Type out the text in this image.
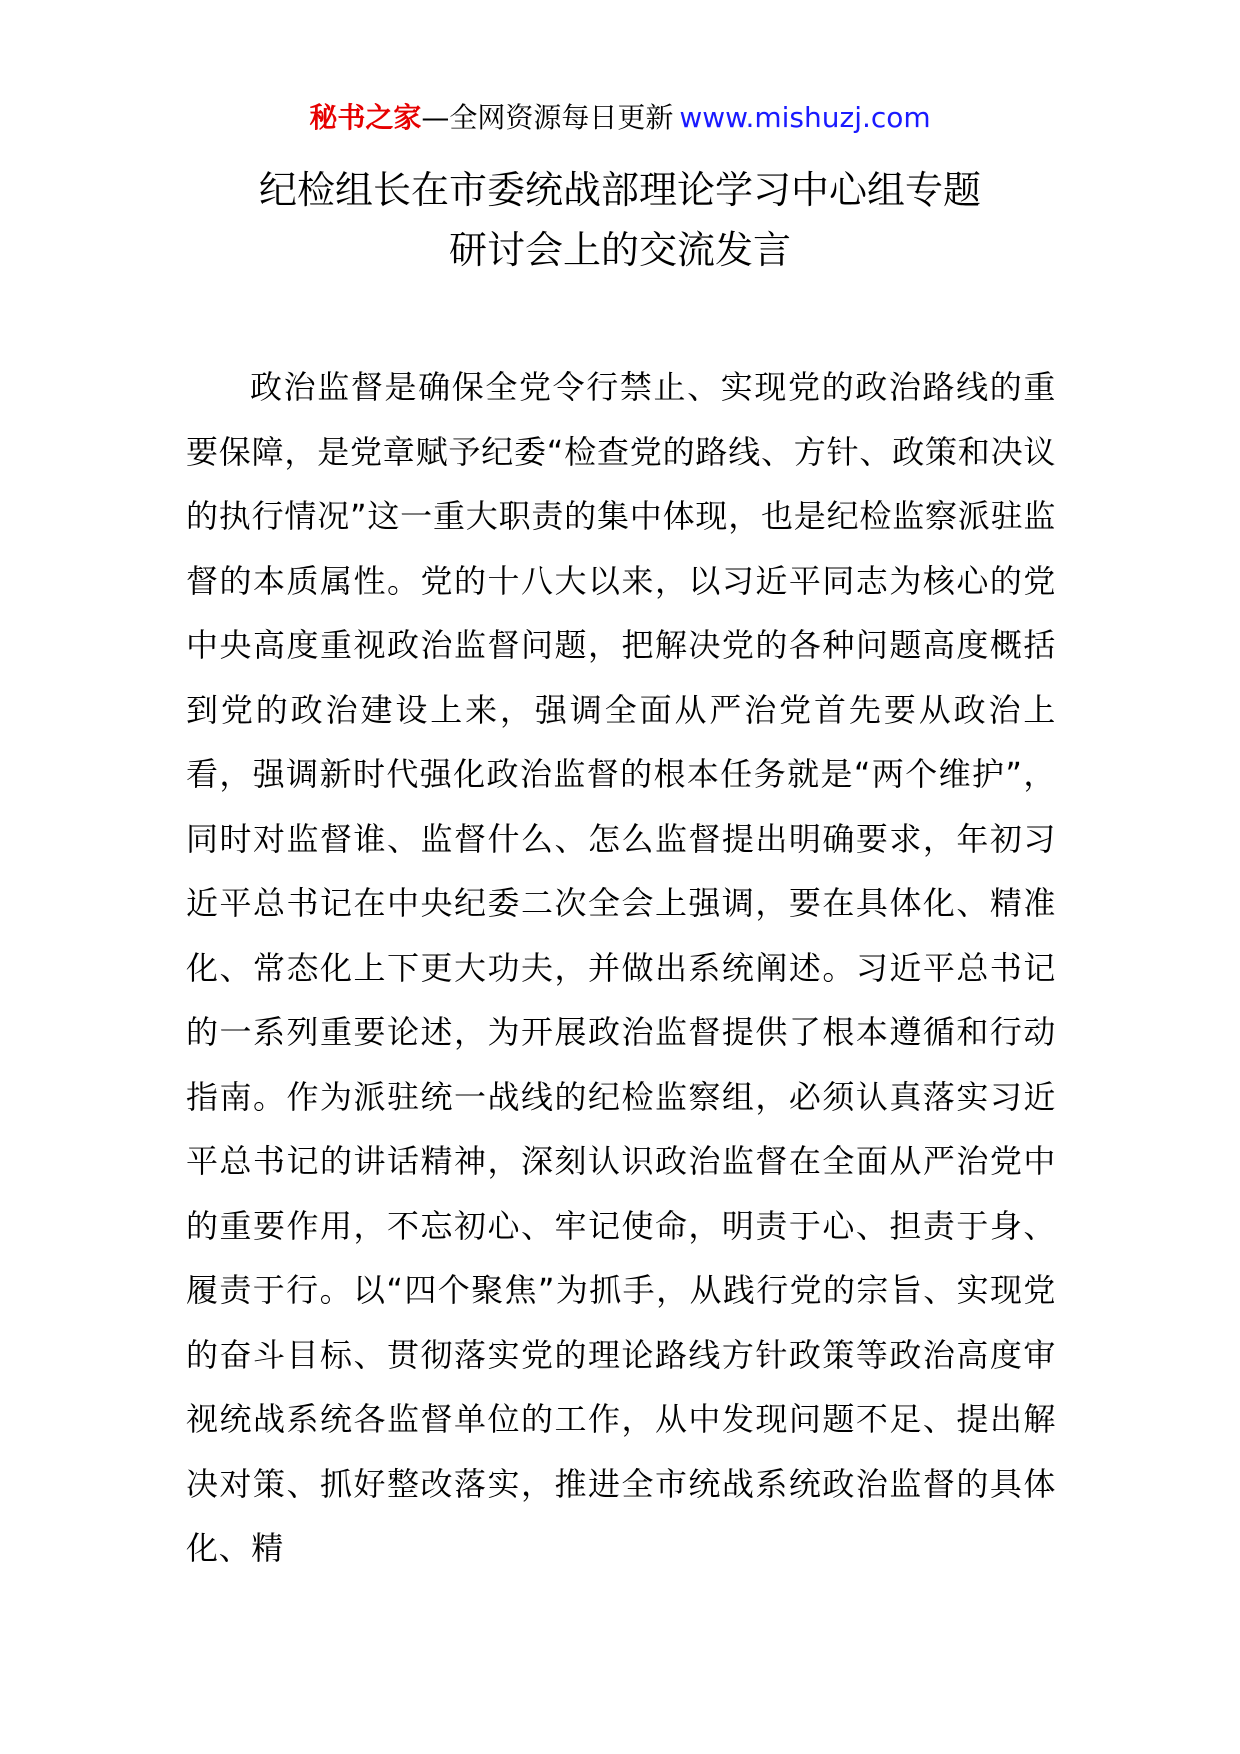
秘书之家—全网资源每日更新 www.mishuzj.com
纪检组长在市委统战部理论学习中心组专题
研讨会上的交流发言

政治监督是确保全党令行禁止、实现党的政治路线的重要保障，是党章赋予纪委“检查党的路线、方针、政策和决议的执行情况”这一重大职责的集中体现，也是纪检监察派驻监督的本质属性。党的十八大以来，以习近平同志为核心的党中央高度重视政治监督问题，把解决党的各种问题高度概括到党的政治建设上来，强调全面从严治党首先要从政治上看，强调新时代强化政治监督的根本任务就是“两个维护”，同时对监督谁、监督什么、怎么监督提出明确要求，年初习近平总书记在中央纪委二次全会上强调，要在具体化、精准化、常态化上下更大功夫，并做出系统阐述。习近平总书记的一系列重要论述，为开展政治监督提供了根本遵循和行动指南。作为派驻统一战线的纪检监察组，必须认真落实习近平总书记的讲话精神，深刻认识政治监督在全面从严治党中的重要作用，不忘初心、牢记使命，明责于心、担责于身、履责于行。以“四个聚焦”为抓手，从践行党的宗旨、实现党的奋斗目标、贯彻落实党的理论路线方针政策等政治高度审视统战系统各监督单位的工作，从中发现问题不足、提出解决对策、抓好整改落实，推进全市统战系统政治监督的具体化、精
